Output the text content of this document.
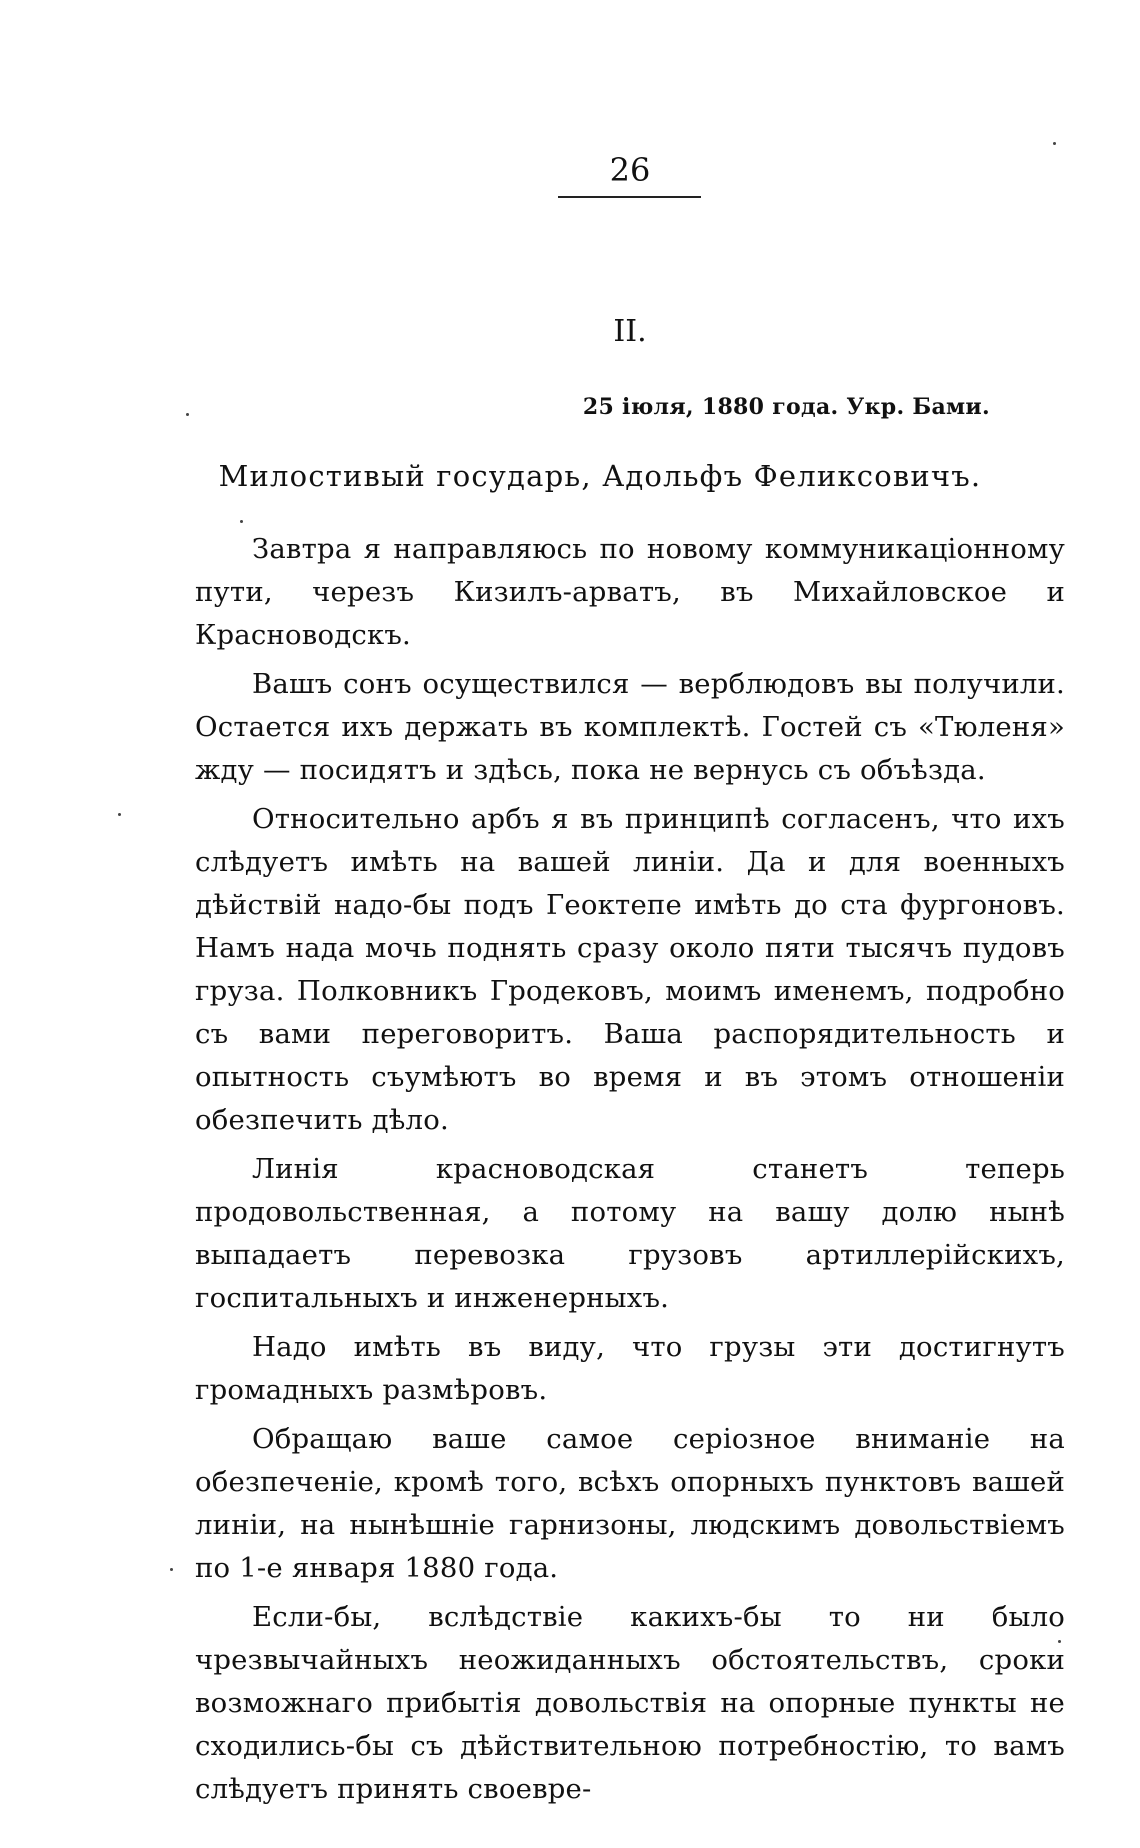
26
II.
25 іюля, 1880 года. Укр. Бами.
Милостивый государь, Адольфъ Феликсовичъ.

Завтра я направляюсь по новому коммуникаціонному пути, черезъ Кизилъ-арватъ, въ Михайловское и Красноводскъ.

Вашъ сонъ осуществился — верблюдовъ вы получили. Остается ихъ держать въ комплектѣ. Гостей съ «Тюленя» жду — посидятъ и здѣсь, пока не вернусь съ объѣзда.

Относительно арбъ я въ принципѣ согласенъ, что ихъ слѣдуетъ имѣть на вашей линіи. Да и для военныхъ дѣйствій надо-бы подъ Геоктепе имѣть до ста фургоновъ. Намъ нада мочь поднять сразу около пяти тысячъ пудовъ груза. Полковникъ Гродековъ, моимъ именемъ, подробно съ вами переговоритъ. Ваша распорядительность и опытность съумѣютъ во время и въ этомъ отношеніи обезпечить дѣло.

Линія красноводская станетъ теперь продовольственная, а потому на вашу долю нынѣ выпадаетъ перевозка грузовъ артиллерійскихъ, госпитальныхъ и инженерныхъ.

Надо имѣть въ виду, что грузы эти достигнутъ громадныхъ размѣровъ.

Обращаю ваше самое серіозное вниманіе на обезпеченіе, кромѣ того, всѣхъ опорныхъ пунктовъ вашей линіи, на нынѣшніе гарнизоны, людскимъ довольствіемъ по 1-е января 1880 года.

Если-бы, вслѣдствіе какихъ-бы то ни было чрезвычайныхъ неожиданныхъ обстоятельствъ, сроки возможнаго прибытія довольствія на опорные пункты не сходились-бы съ дѣйствительною потребностію, то вамъ слѣдуетъ принять своевре-
